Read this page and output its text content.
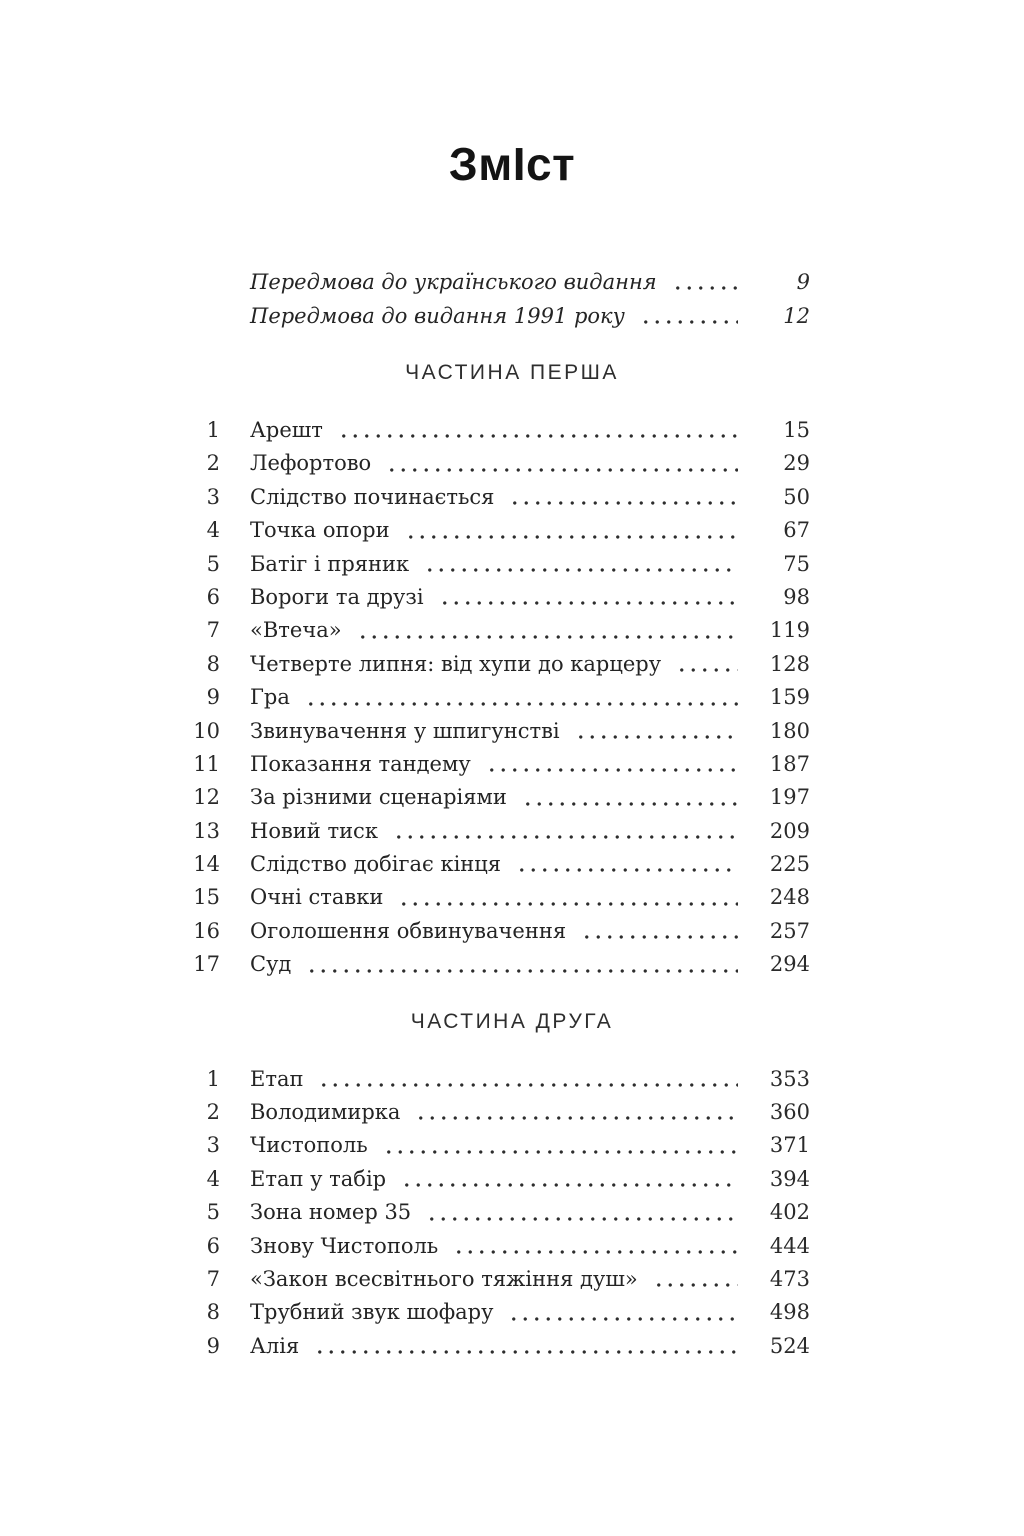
ЗмІст
Передмова до українського видання	9
Передмова до видання 1991 року	12
ЧАСТИНА ПЕРША
1 Арешт	15
2 Лефортово	29
3 Слідство починається	50
4 Точка опори	67
5 Батіг і пряник	75
6 Вороги та друзі	98
7 «Втеча»	119
8 Четверте липня: від хупи до карцеру	128
9 Гра	159
10 Звинувачення у шпигунстві	180
11 Показання тандему	187
12 За різними сценаріями	197
13 Новий тиск	209
14 Слідство добігає кінця	225
15 Очні ставки	248
16 Оголошення обвинувачення	257
17 Суд	294
ЧАСТИНА ДРУГА
1 Етап	353
2 Володимирка	360
3 Чистополь	371
4 Етап у табір	394
5 Зона номер 35	402
6 Знову Чистополь	444
7 «Закон всесвітнього тяжіння душ»	473
8 Трубний звук шофару	498
9 Алія	524
